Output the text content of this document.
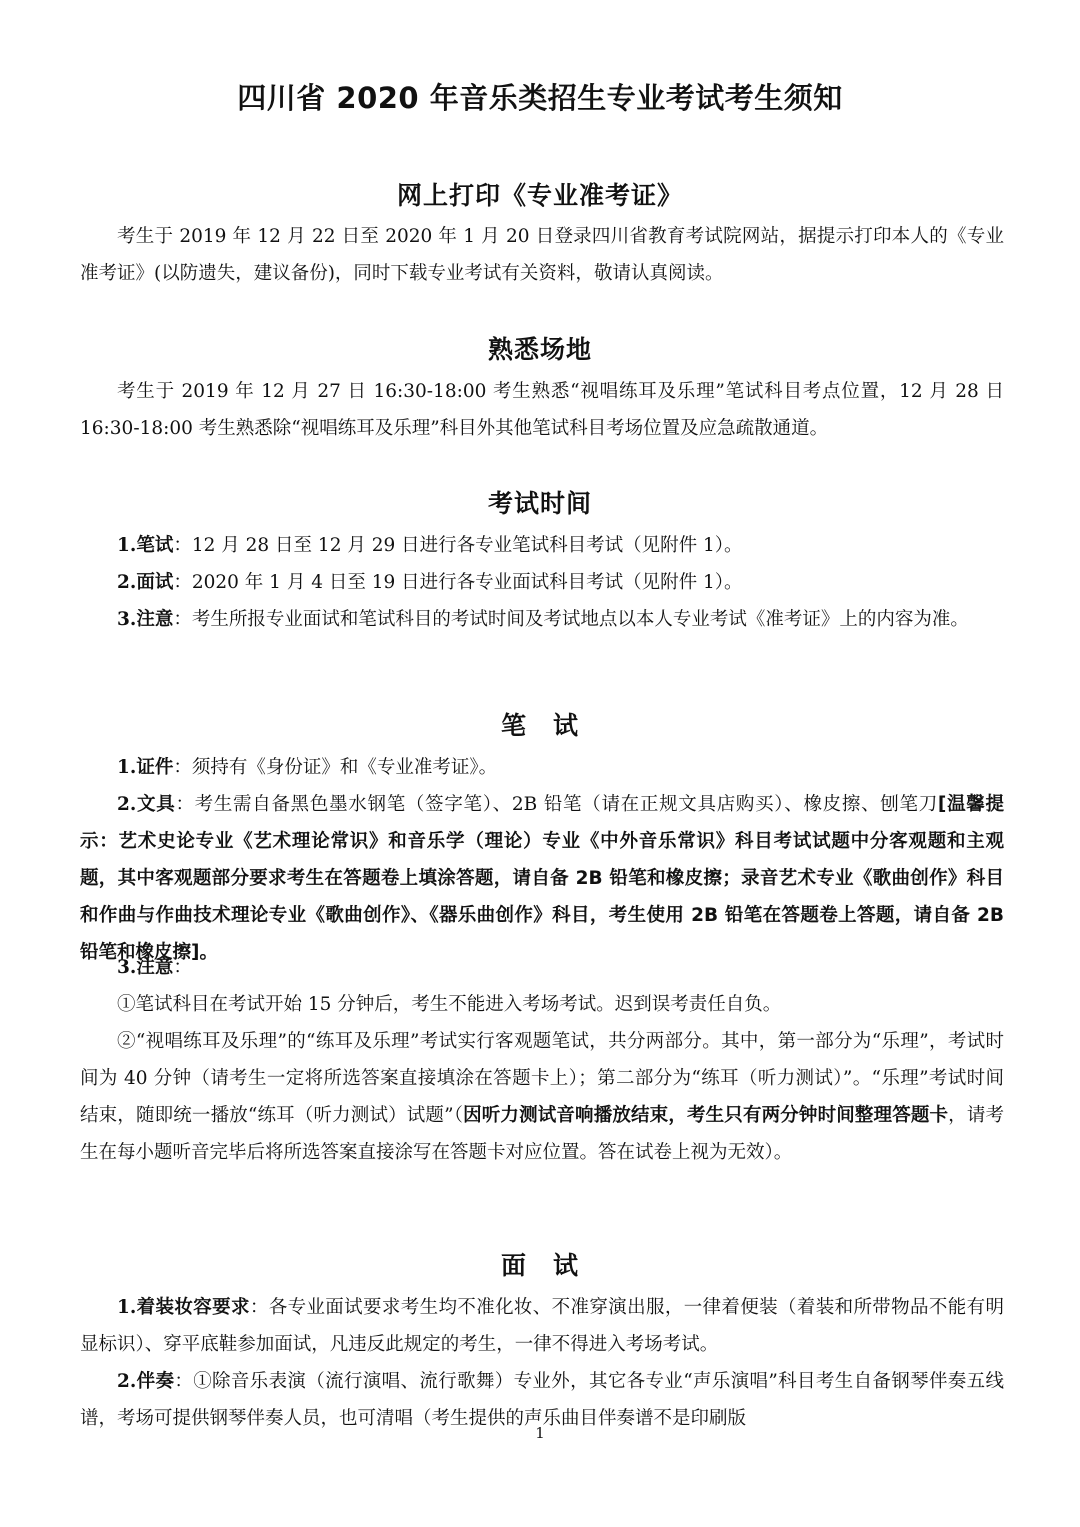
四川省 2020 年音乐类招生专业考试考生须知
网上打印《专业准考证》

考生于 2019 年 12 月 22 日至 2020 年 1 月 20 日登录四川省教育考试院网站，据提示打印本人的《专业准考证》(以防遗失，建议备份)，同时下载专业考试有关资料，敬请认真阅读。

熟悉场地

考生于 2019 年 12 月 27 日 16:30-18:00 考生熟悉“视唱练耳及乐理”笔试科目考点位置，12 月 28 日 16:30-18:00 考生熟悉除“视唱练耳及乐理”科目外其他笔试科目考场位置及应急疏散通道。

考试时间

1.笔试：12 月 28 日至 12 月 29 日进行各专业笔试科目考试（见附件 1）。

2.面试：2020 年 1 月 4 日至 19 日进行各专业面试科目考试（见附件 1）。

3.注意：考生所报专业面试和笔试科目的考试时间及考试地点以本人专业考试《准考证》上的内容为准。

笔　试

1.证件：须持有《身份证》和《专业准考证》。

2.文具：考生需自备黑色墨水钢笔（签字笔）、2B 铅笔（请在正规文具店购买）、橡皮擦、刨笔刀[温馨提示：艺术史论专业《艺术理论常识》和音乐学（理论）专业《中外音乐常识》科目考试试题中分客观题和主观题，其中客观题部分要求考生在答题卷上填涂答题，请自备 2B 铅笔和橡皮擦；录音艺术专业《歌曲创作》科目和作曲与作曲技术理论专业《歌曲创作》、《器乐曲创作》科目，考生使用 2B 铅笔在答题卷上答题，请自备 2B 铅笔和橡皮擦]。

3.注意：

①笔试科目在考试开始 15 分钟后，考生不能进入考场考试。迟到误考责任自负。

②“视唱练耳及乐理”的“练耳及乐理”考试实行客观题笔试，共分两部分。其中，第一部分为“乐理”，考试时间为 40 分钟（请考生一定将所选答案直接填涂在答题卡上）；第二部分为“练耳（听力测试）”。“乐理”考试时间结束，随即统一播放“练耳（听力测试）试题”（因听力测试音响播放结束，考生只有两分钟时间整理答题卡，请考生在每小题听音完毕后将所选答案直接涂写在答题卡对应位置。答在试卷上视为无效）。

面　试

1.着装妆容要求：各专业面试要求考生均不准化妆、不准穿演出服，一律着便装（着装和所带物品不能有明显标识）、穿平底鞋参加面试，凡违反此规定的考生，一律不得进入考场考试。

2.伴奏：①除音乐表演（流行演唱、流行歌舞）专业外，其它各专业“声乐演唱”科目考生自备钢琴伴奏五线谱，考场可提供钢琴伴奏人员，也可清唱（考生提供的声乐曲目伴奏谱不是印刷版

1
